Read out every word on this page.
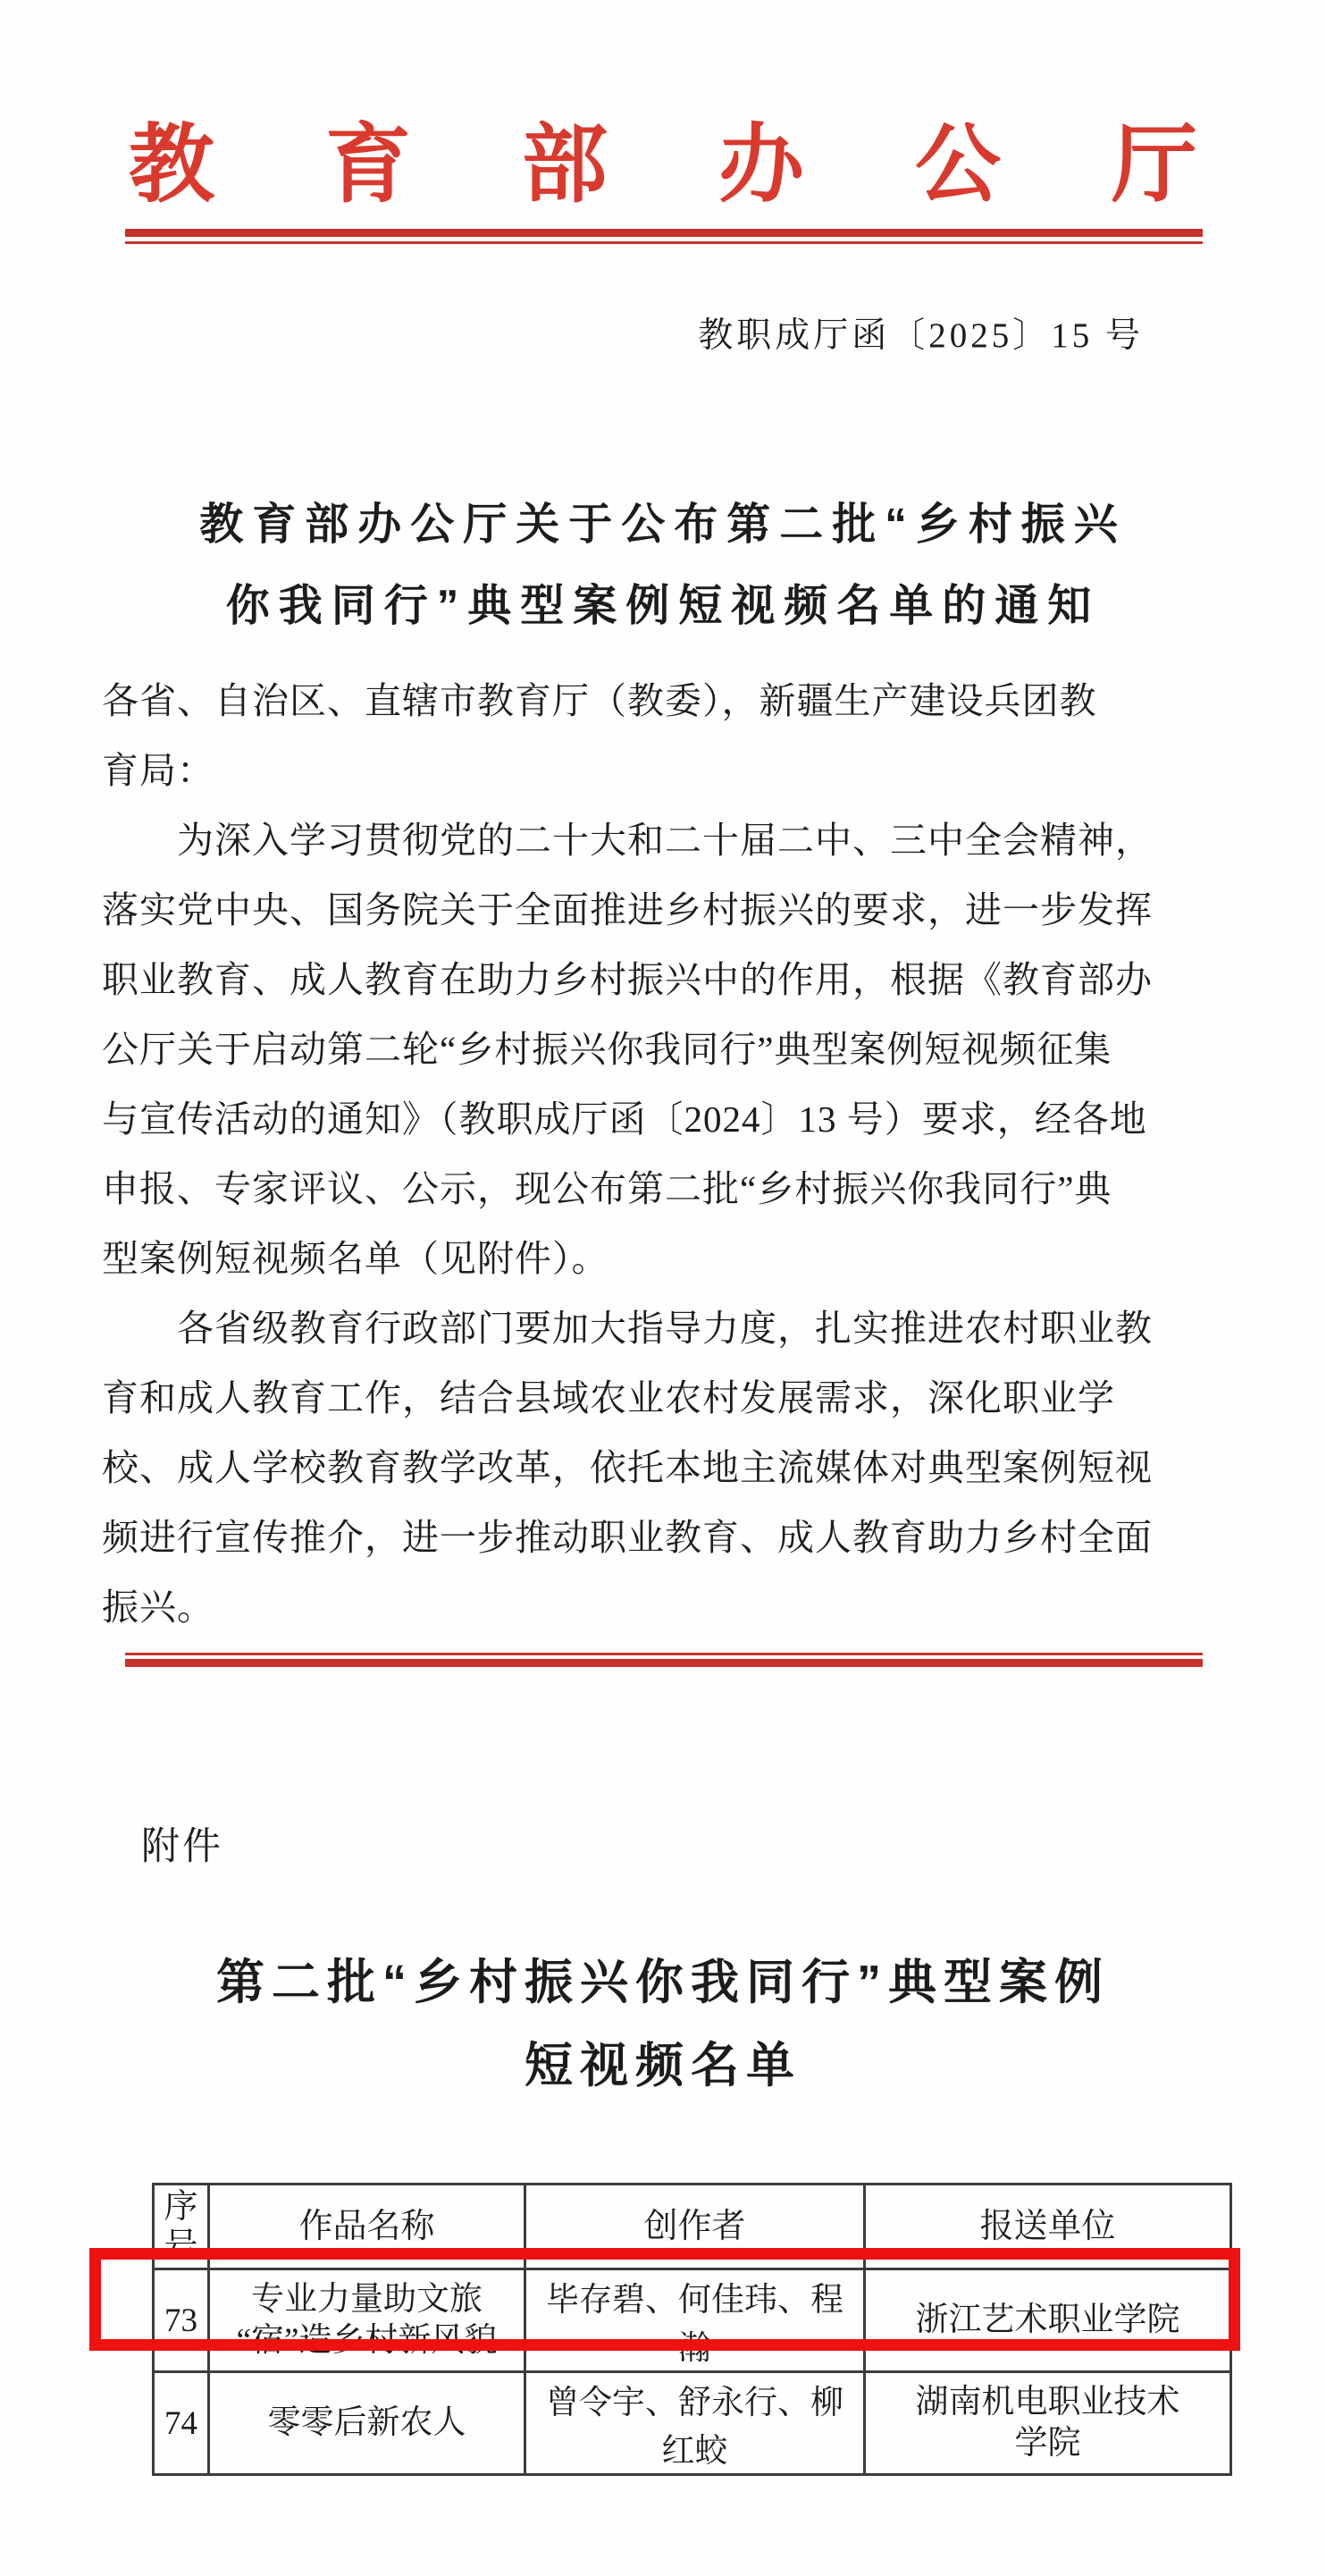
教育部办公厅
教职成厅函〔2025〕15 号
教育部办公厅关于公布第二批“乡村振兴
你我同行”典型案例短视频名单的通知
各省、自治区、直辖市教育厅（教委），新疆生产建设兵团教
育局：
　　为深入学习贯彻党的二十大和二十届二中、三中全会精神，
落实党中央、国务院关于全面推进乡村振兴的要求，进一步发挥
职业教育、成人教育在助力乡村振兴中的作用，根据《教育部办
公厅关于启动第二轮“乡村振兴你我同行”典型案例短视频征集
与宣传活动的通知》（教职成厅函〔2024〕13 号）要求，经各地
申报、专家评议、公示，现公布第二批“乡村振兴你我同行”典
型案例短视频名单（见附件）。
　　各省级教育行政部门要加大指导力度，扎实推进农村职业教
育和成人教育工作，结合县域农业农村发展需求，深化职业学
校、成人学校教育教学改革，依托本地主流媒体对典型案例短视
频进行宣传推介，进一步推动职业教育、成人教育助力乡村全面
振兴。
附件
第二批“乡村振兴你我同行”典型案例
短视频名单
序号	作品名称	创作者	报送单位
73	专业力量助文旅
“宿”造乡村新风貌	毕存碧、何佳玮、程瀚	浙江艺术职业学院

74	零零后新农人	曾令宇、舒永行、柳红蛟	湖南机电职业技术
学院
